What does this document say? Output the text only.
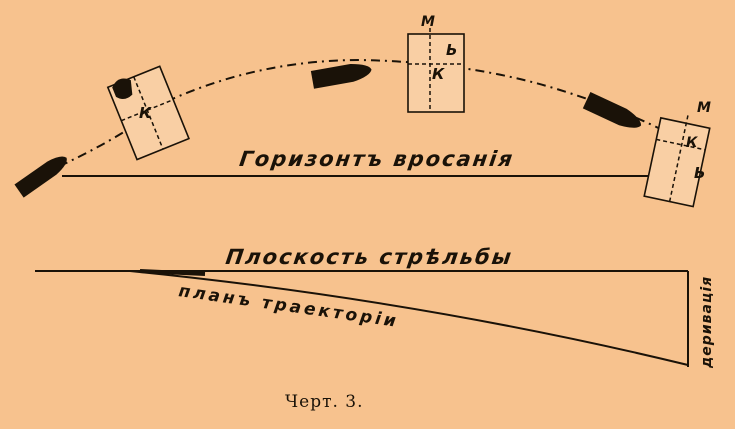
К
М
Ь
К
М
К
Ь
Горизонтъ вросанія
Плоскость стрѣльбы
планъ траекторіи	деривація
Черт. 3.
